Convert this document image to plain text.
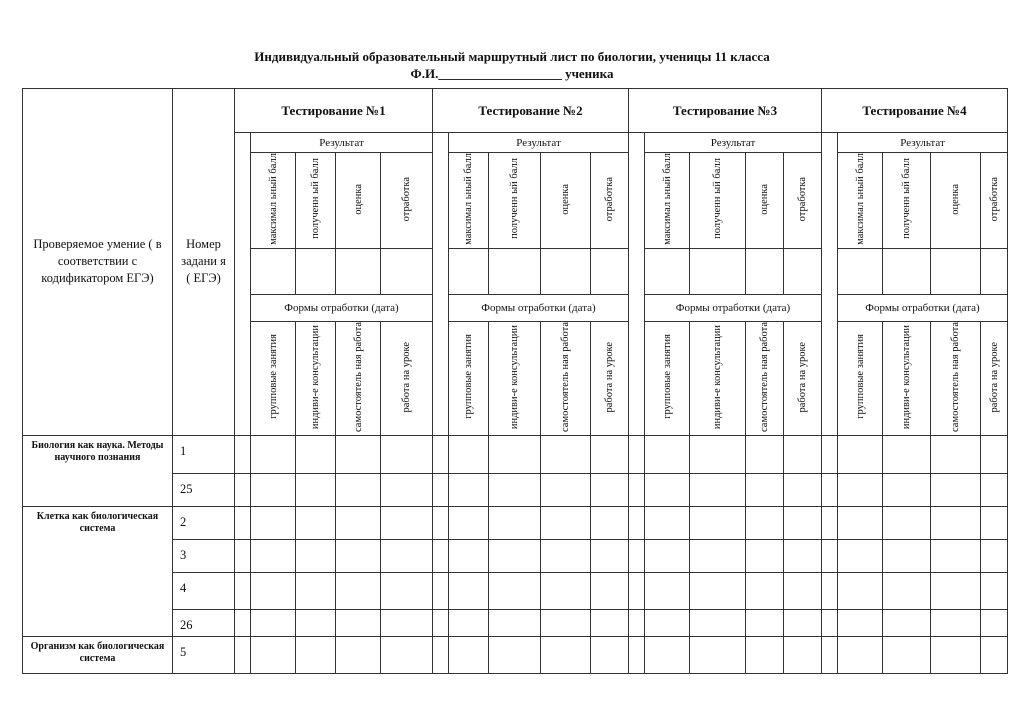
Индивидуальный образовательный маршрутный лист по биологии, ученицы 11 класса
Ф.И.___________________ ученика
Проверяемое умение ( в соответствии с кодификатором ЕГЭ)	Номер задани я ( ЕГЭ)	Тестирование №1					Тестирование №2					Тестирование №3					Тестирование №4				
			Результат					Результат					Результат					Результат			
			максимал ьный балл	полученн ый балл	оценка	отработка		максимал ьный балл	полученн ый балл	оценка	отработка		максимал ьный балл	полученн ый балл	оценка	отработка		максимал ьный балл	полученн ый балл	оценка	отработка

			Формы отработки (дата)					Формы отработки (дата)					Формы отработки (дата)					Формы отработки (дата)			
			групповые занятия	индиви-е консультации	самостоятель ная работа	работа на уроке		групповые занятия	индиви-е консультации	самостоятель ная работа	работа на уроке		групповые занятия	индиви-е консультации	самостоятель ная работа	работа на уроке		групповые занятия	индиви-е консультации	самостоятель ная работа	работа на уроке
Биология как наука. Методы научного познания	1																				
	25																				
Клетка как биологическая система	2																				
	3																				
	4																				
	26																				
Организм как биологическая система	5																				
